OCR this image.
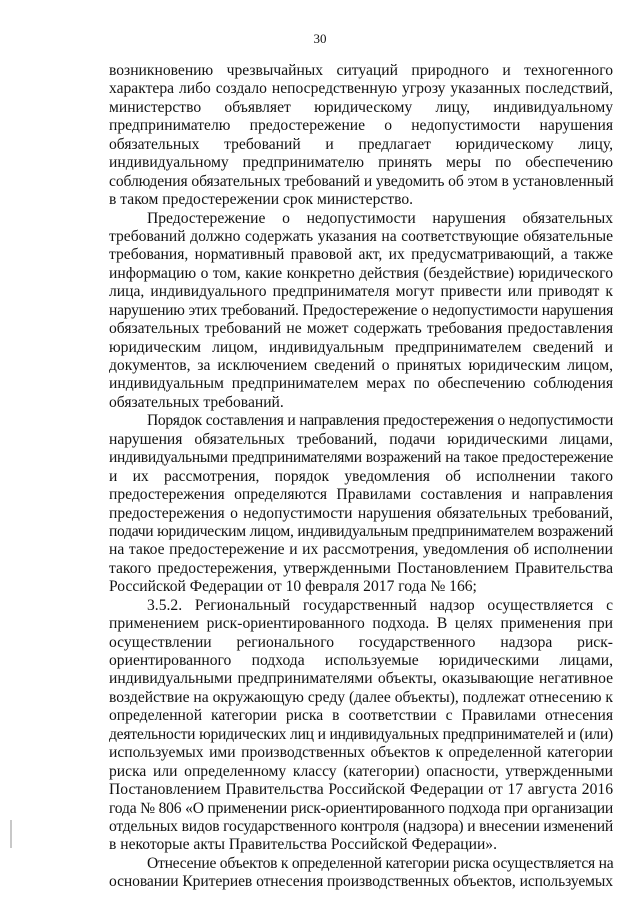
30
возникновению чрезвычайных ситуаций природного и техногенного
характера либо создало непосредственную угрозу указанных последствий,
министерство объявляет юридическому лицу, индивидуальному
предпринимателю предостережение о недопустимости нарушения
обязательных требований и предлагает юридическому лицу,
индивидуальному предпринимателю принять меры по обеспечению
соблюдения обязательных требований и уведомить об этом в установленный
в таком предостережении срок министерство.
Предостережение о недопустимости нарушения обязательных
требований должно содержать указания на соответствующие обязательные
требования, нормативный правовой акт, их предусматривающий, а также
информацию о том, какие конкретно действия (бездействие) юридического
лица, индивидуального предпринимателя могут привести или приводят к
нарушению этих требований. Предостережение о недопустимости нарушения
обязательных требований не может содержать требования предоставления
юридическим лицом, индивидуальным предпринимателем сведений и
документов, за исключением сведений о принятых юридическим лицом,
индивидуальным предпринимателем мерах по обеспечению соблюдения
обязательных требований.
Порядок составления и направления предостережения о недопустимости
нарушения обязательных требований, подачи юридическими лицами,
индивидуальными предпринимателями возражений на такое предостережение
и их рассмотрения, порядок уведомления об исполнении такого
предостережения определяются Правилами составления и направления
предостережения о недопустимости нарушения обязательных требований,
подачи юридическим лицом, индивидуальным предпринимателем возражений
на такое предостережение и их рассмотрения, уведомления об исполнении
такого предостережения, утвержденными Постановлением Правительства
Российской Федерации от 10 февраля 2017 года № 166;
3.5.2. Региональный государственный надзор осуществляется с
применением риск-ориентированного подхода. В целях применения при
осуществлении регионального государственного надзора риск-
ориентированного подхода используемые юридическими лицами,
индивидуальными предпринимателями объекты, оказывающие негативное
воздействие на окружающую среду (далее объекты), подлежат отнесению к
определенной категории риска в соответствии с Правилами отнесения
деятельности юридических лиц и индивидуальных предпринимателей и (или)
используемых ими производственных объектов к определенной категории
риска или определенному классу (категории) опасности, утвержденными
Постановлением Правительства Российской Федерации от 17 августа 2016
года № 806 «О применении риск-ориентированного подхода при организации
отдельных видов государственного контроля (надзора) и внесении изменений
в некоторые акты Правительства Российской Федерации».
Отнесение объектов к определенной категории риска осуществляется на
основании Критериев отнесения производственных объектов, используемых
